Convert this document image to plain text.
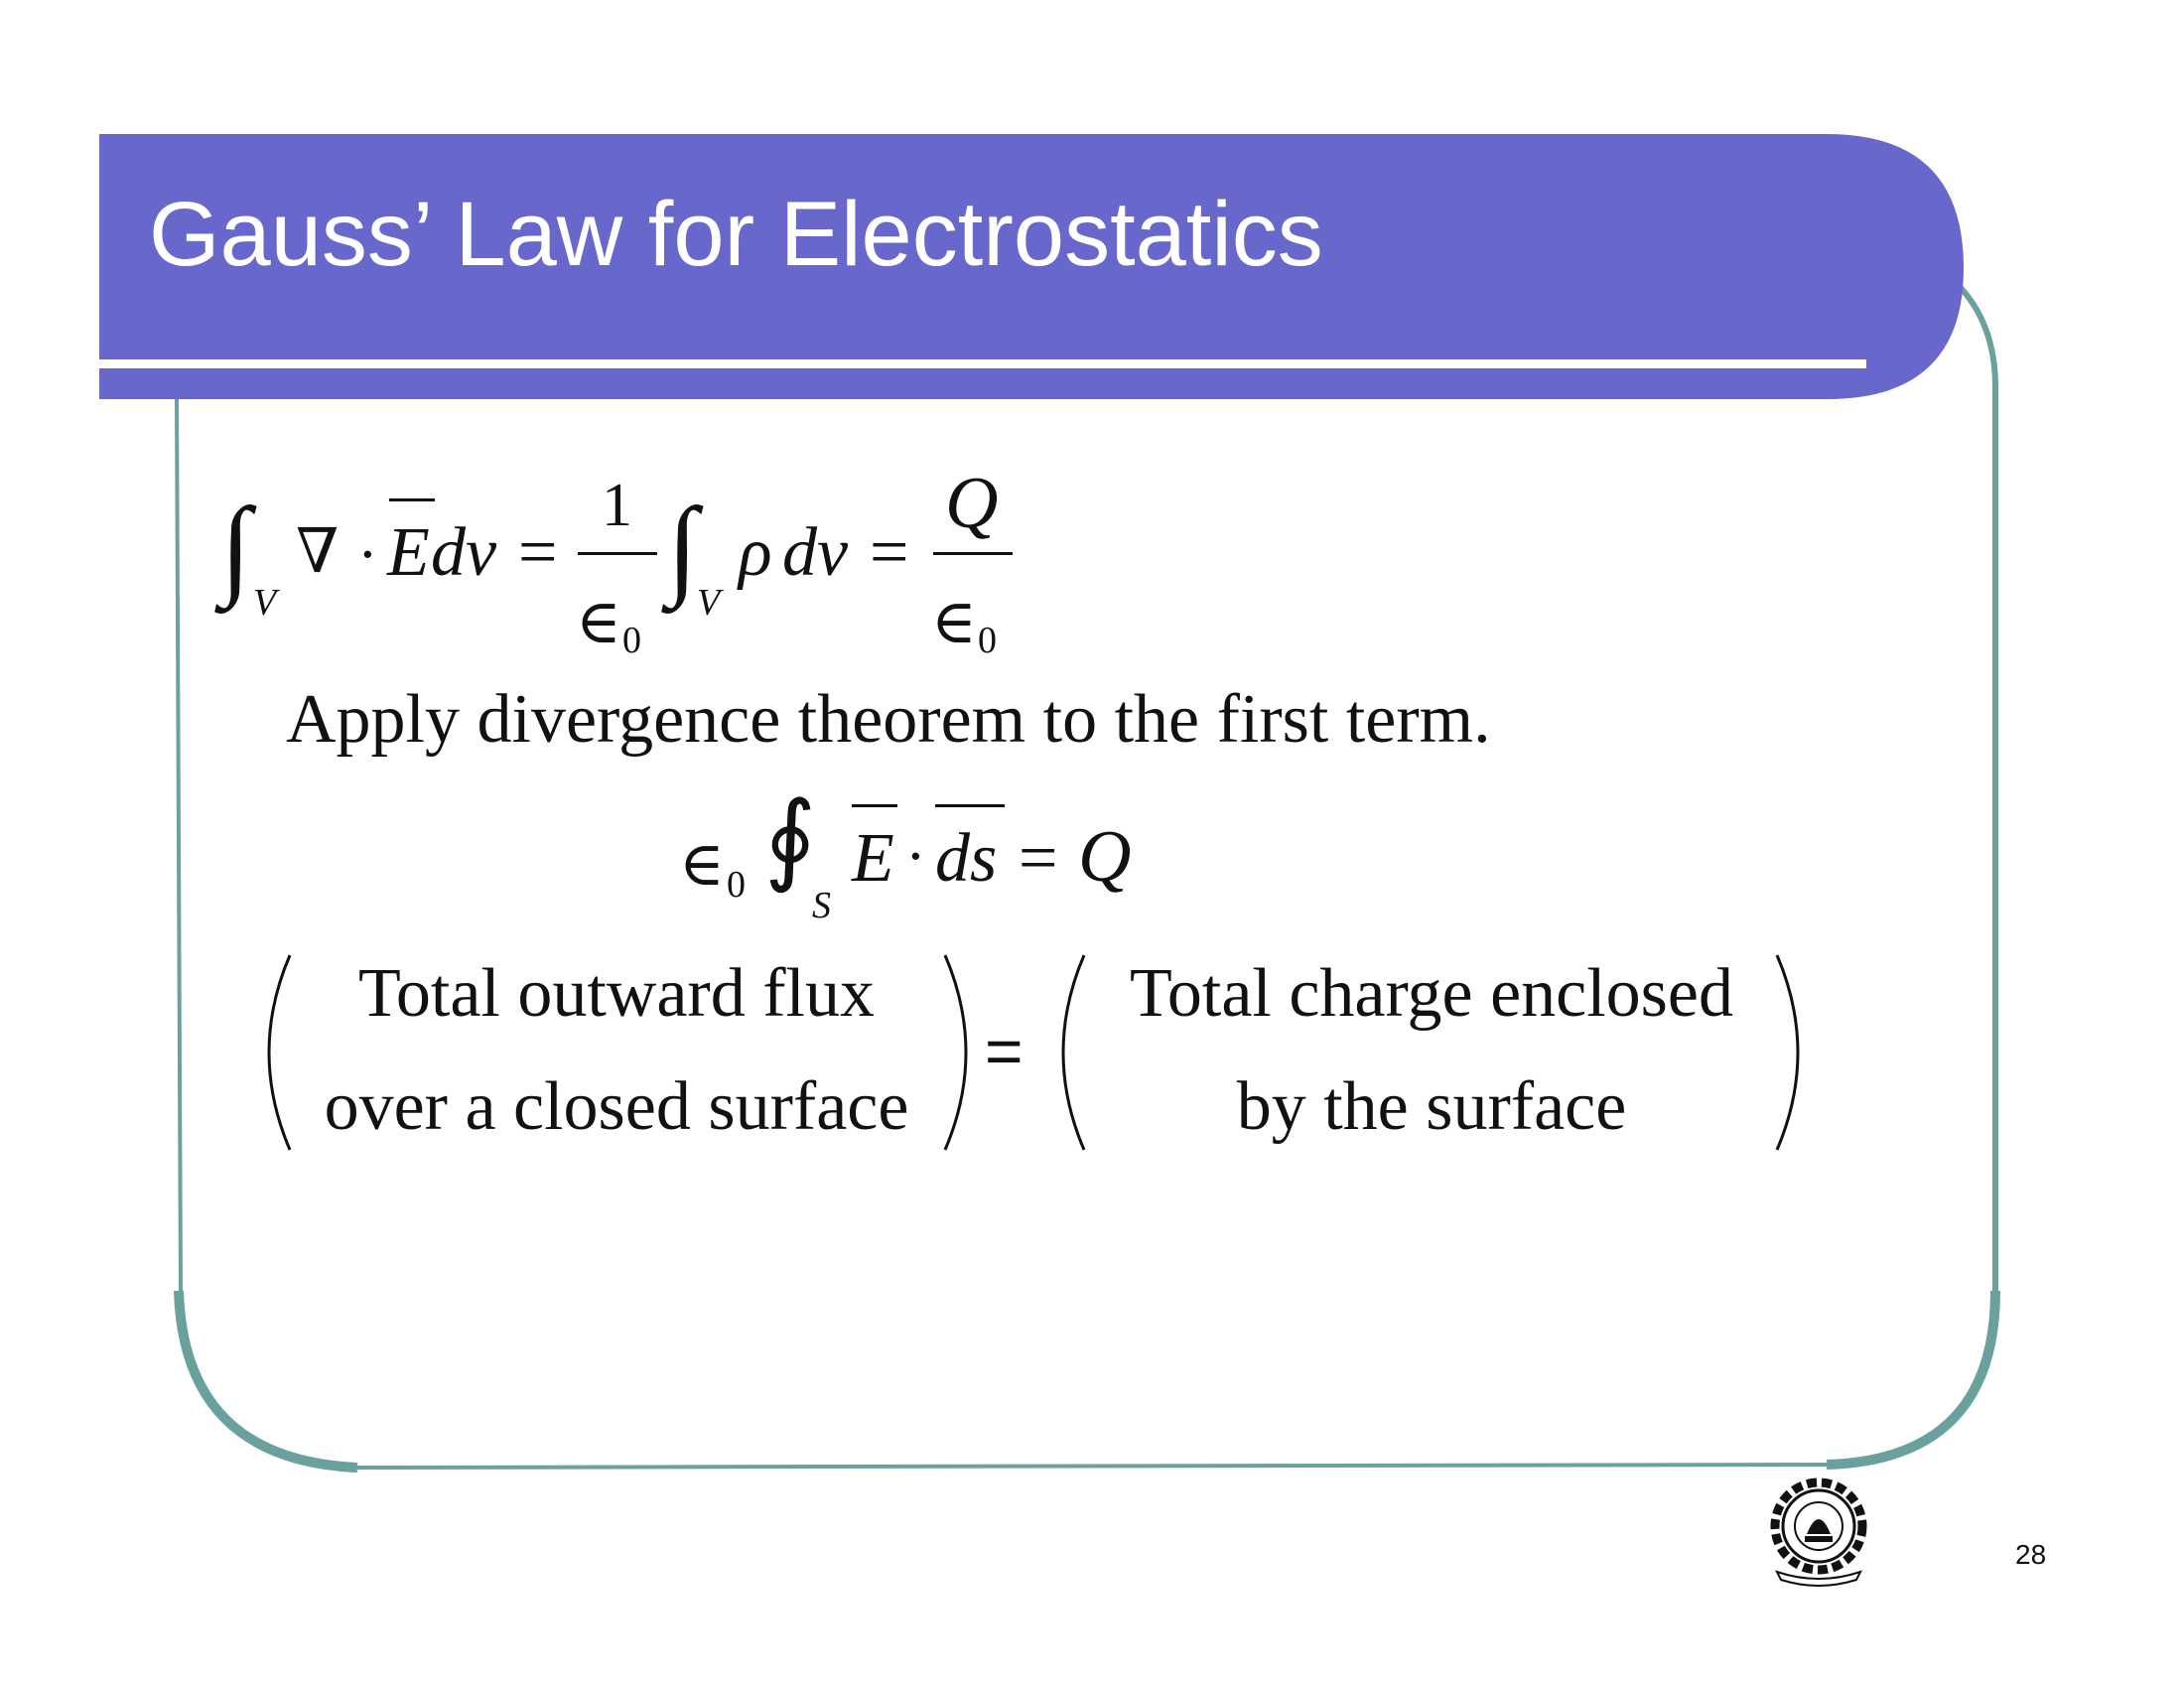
Gauss’ Law for Electrostatics
∫ V
∇ · E dv =
1
∈ 0
∫ V
ρ dv =
Q
∈ 0
Apply divergence theorem to the first term.
∈ 0 ∮
S
E · ds = Q
Total outward flux
over a closed surface
=
Total charge enclosed
by the surface
28
